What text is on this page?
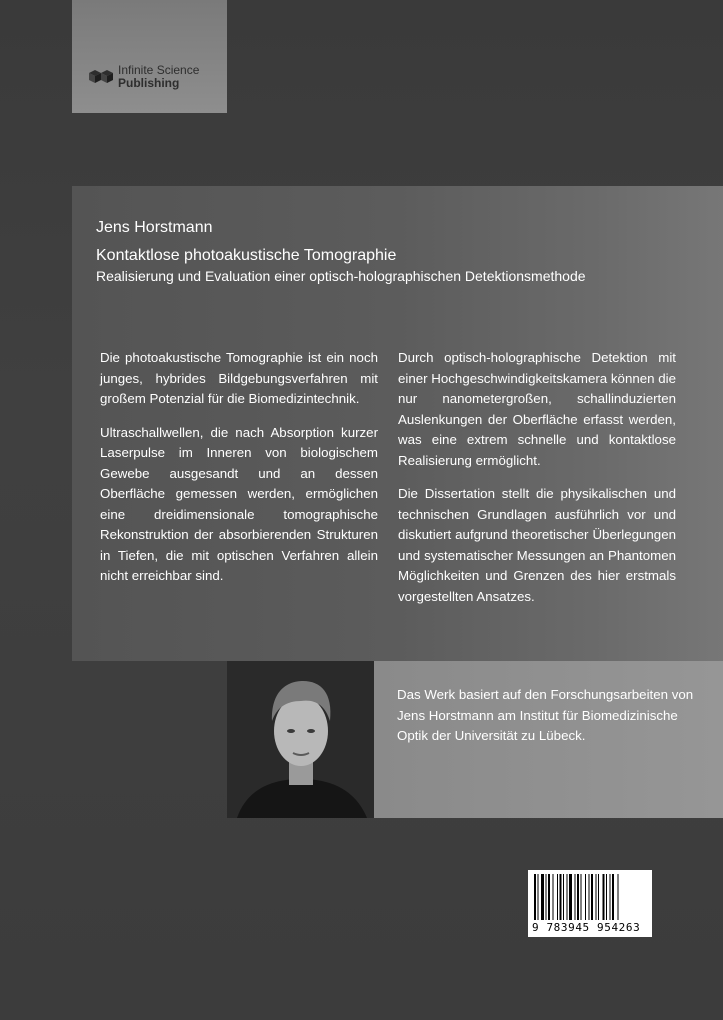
Infinite Science
Publishing
Jens Horstmann
Kontaktlose photoakustische Tomographie
Realisierung und Evaluation einer optisch-holographischen Detektionsmethode

Die photoakustische Tomographie ist ein noch junges, hybrides Bildgebungsverfahren mit großem Potenzial für die Biomedizintechnik.

Ultraschallwellen, die nach Absorption kurzer Laserpulse im Inneren von biologischem Gewebe ausgesandt und an dessen Oberfläche gemessen werden, ermöglichen eine dreidimensionale tomographische Rekonstruktion der absorbierenden Strukturen in Tiefen, die mit optischen Verfahren allein nicht erreichbar sind.

Durch optisch-holographische Detektion mit einer Hochgeschwindigkeitskamera können die nur nanometergroßen, schallinduzierten Auslenkungen der Oberfläche erfasst werden, was eine extrem schnelle und kontaktlose Realisierung ermöglicht.

Die Dissertation stellt die physikalischen und technischen Grundlagen ausführlich vor und diskutiert aufgrund theoretischer Überlegungen und systematischer Messungen an Phantomen Möglichkeiten und Grenzen des hier erstmals vorgestellten Ansatzes.

Das Werk basiert auf den Forschungsarbeiten von Jens Horstmann am Institut für Biomedizinische Optik der Universität zu Lübeck.

9 783945 954263
